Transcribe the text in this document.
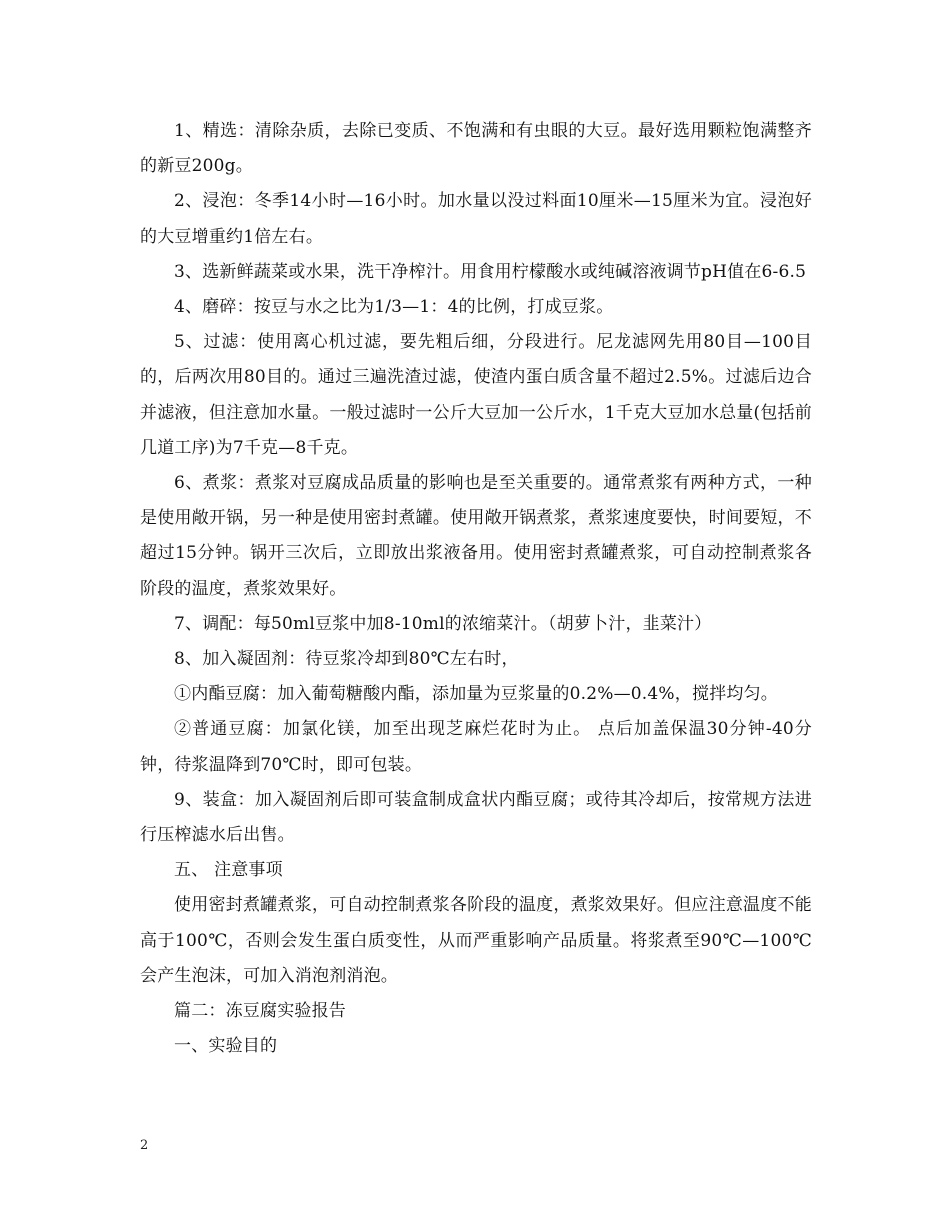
1、精选：清除杂质，去除已变质、不饱满和有虫眼的大豆。最好选用颗粒饱满整齐的新豆200g。

2、浸泡：冬季14小时—16小时。加水量以没过料面10厘米—15厘米为宜。浸泡好的大豆增重约1倍左右。

3、选新鲜蔬菜或水果，洗干净榨汁。用食用柠檬酸水或纯碱溶液调节pH值在6-6.5

4、磨碎：按豆与水之比为1/3—1：4的比例，打成豆浆。

5、过滤：使用离心机过滤，要先粗后细，分段进行。尼龙滤网先用80目—100目的，后两次用80目的。通过三遍洗渣过滤，使渣内蛋白质含量不超过2.5%。过滤后边合并滤液，但注意加水量。一般过滤时一公斤大豆加一公斤水，1千克大豆加水总量(包括前几道工序)为7千克—8千克。

6、煮浆：煮浆对豆腐成品质量的影响也是至关重要的。通常煮浆有两种方式，一种是使用敞开锅，另一种是使用密封煮罐。使用敞开锅煮浆，煮浆速度要快，时间要短，不超过15分钟。锅开三次后，立即放出浆液备用。使用密封煮罐煮浆，可自动控制煮浆各阶段的温度，煮浆效果好。

7、调配：每50ml豆浆中加8-10ml的浓缩菜汁。（胡萝卜汁，韭菜汁）

8、加入凝固剂：待豆浆冷却到80℃左右时，

①内酯豆腐：加入葡萄糖酸内酯，添加量为豆浆量的0.2%—0.4%，搅拌均匀。

②普通豆腐：加氯化镁，加至出现芝麻烂花时为止。 点后加盖保温30分钟-40分钟，待浆温降到70℃时，即可包装。

9、装盒：加入凝固剂后即可装盒制成盒状内酯豆腐；或待其冷却后，按常规方法进行压榨滤水后出售。

五、 注意事项

使用密封煮罐煮浆，可自动控制煮浆各阶段的温度，煮浆效果好。但应注意温度不能高于100℃，否则会发生蛋白质变性，从而严重影响产品质量。将浆煮至90℃—100℃会产生泡沫，可加入消泡剂消泡。

篇二：冻豆腐实验报告

一、实验目的

2
